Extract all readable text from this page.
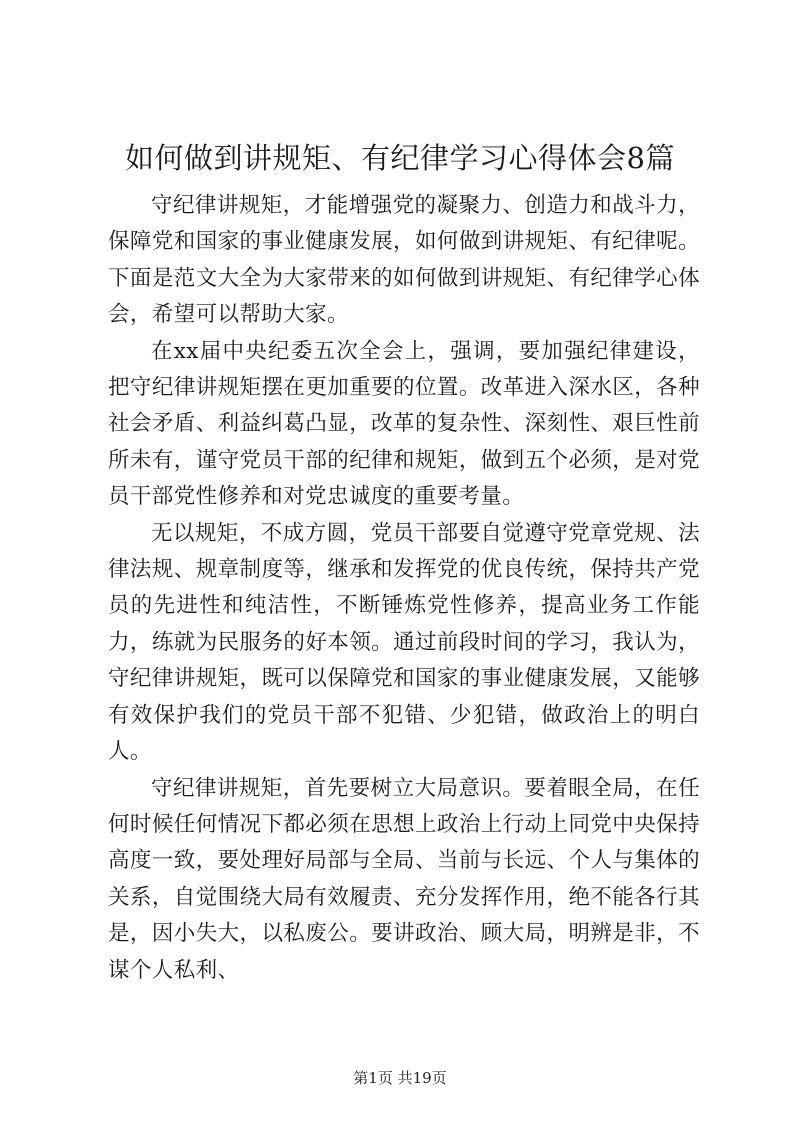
如何做到讲规矩、有纪律学习心得体会8篇

守纪律讲规矩，才能增强党的凝聚力、创造力和战斗力，保障党和国家的事业健康发展，如何做到讲规矩、有纪律呢。下面是范文大全为大家带来的如何做到讲规矩、有纪律学心体会，希望可以帮助大家。

在xx届中央纪委五次全会上，强调，要加强纪律建设，把守纪律讲规矩摆在更加重要的位置。改革进入深水区，各种社会矛盾、利益纠葛凸显，改革的复杂性、深刻性、艰巨性前所未有，谨守党员干部的纪律和规矩，做到五个必须，是对党员干部党性修养和对党忠诚度的重要考量。

无以规矩，不成方圆，党员干部要自觉遵守党章党规、法律法规、规章制度等，继承和发挥党的优良传统，保持共产党员的先进性和纯洁性，不断锤炼党性修养，提高业务工作能力，练就为民服务的好本领。通过前段时间的学习，我认为，守纪律讲规矩，既可以保障党和国家的事业健康发展，又能够有效保护我们的党员干部不犯错、少犯错，做政治上的明白人。

守纪律讲规矩，首先要树立大局意识。要着眼全局，在任何时候任何情况下都必须在思想上政治上行动上同党中央保持高度一致，要处理好局部与全局、当前与长远、个人与集体的关系，自觉围绕大局有效履责、充分发挥作用，绝不能各行其是，因小失大，以私废公。要讲政治、顾大局，明辨是非，不谋个人私利、

第1页 共19页
